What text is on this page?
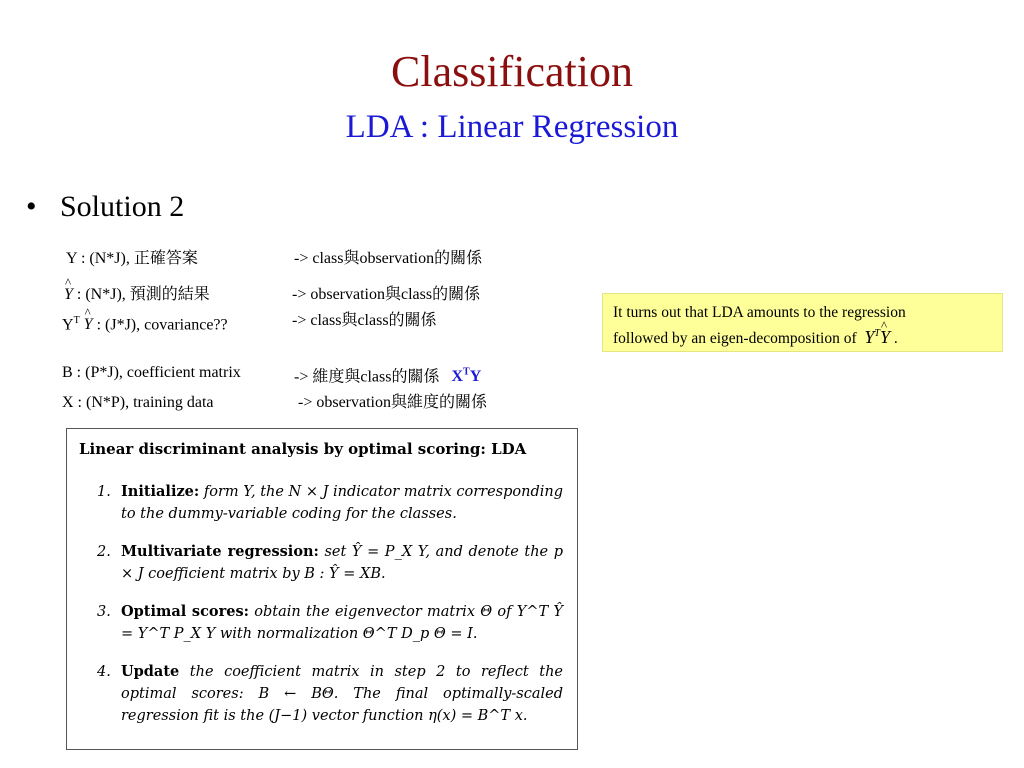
Classification
LDA : Linear Regression
• Solution 2
Y : (N*J), 正確答案	-> class與observation的關係
^ Y : (N*J), 預測的結果	-> observation與class的關係
$Y^T$ ^ Y : (J*J), covariance??	-> class與class的關係
B : (P*J), coefficient matrix	-> 維度與class的關係 $X^TY$
X : (N*P), training data	-> observation與維度的關係
It turns out that LDA amounts to the regression
followed by an eigen-decomposition of $Y^T\^{}$ Y .
Linear discriminant analysis by optimal scoring: LDA
1. Initialize: form Y, the N × J indicator matrix corresponding to the dummy-variable coding for the classes.
2. Multivariate regression: set Ŷ = P_X Y, and denote the p × J coefficient matrix by B : Ŷ = XB.
3. Optimal scores: obtain the eigenvector matrix Θ of Y^T Ŷ = Y^T P_X Y with normalization Θ^T D_p Θ = I.
4. Update the coefficient matrix in step 2 to reflect the optimal scores: B ← BΘ. The final optimally-scaled regression fit is the (J−1) vector function η(x) = B^T x.
